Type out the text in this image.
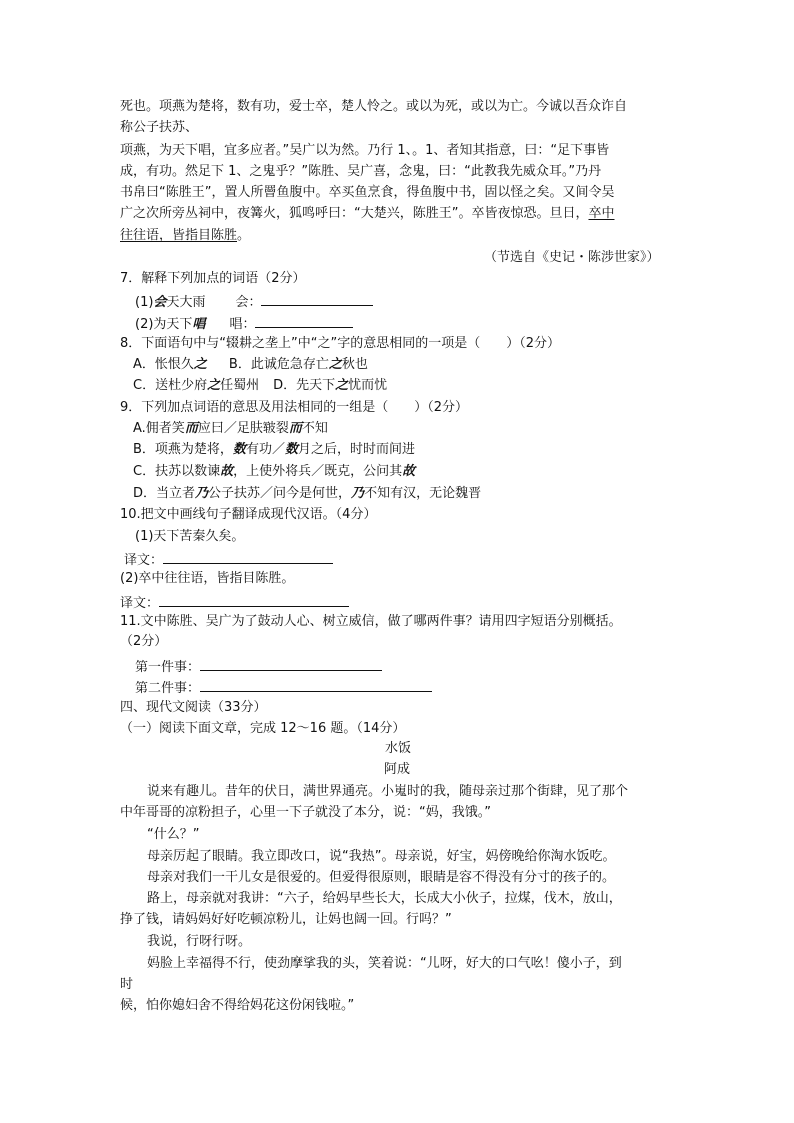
死也。项燕为楚将，数有功，爱士卒，楚人怜之。或以为死，或以为亡。今诚以吾众诈自
称公子扶苏、
项燕，为天下唱，宜多应者。”吴广以为然。乃行 1、。1、者知其指意，曰：“足下事皆
成，有功。然足下 1、之鬼乎？”陈胜、吴广喜，念鬼，曰：“此教我先威众耳。”乃丹
书帛曰“陈胜王”，置人所罾鱼腹中。卒买鱼烹食，得鱼腹中书，固以怪之矣。又间令吴
广之次所旁丛祠中，夜篝火，狐鸣呼曰：“大楚兴，陈胜王”。卒皆夜惊恐。旦日，卒中
往往语，皆指目陈胜。
（节选自《史记・陈涉世家》）
7．解释下列加点的词语（2分）
(1)会天大雨 会：
(2)为天下唱 唱：
8．下面语句中与“辍耕之垄上”中“之”字的意思相同的一项是（　　）（2分）
A．怅恨久之 B．此诚危急存亡之秋也
C．送杜少府之任蜀州 D．先天下之忧而忧
9．下列加点词语的意思及用法相同的一组是（　　）（2分）
A.佣者笑而应曰／足肤皲裂而不知
B．项燕为楚将，数有功／数月之后，时时而间进
C．扶苏以数谏故，上使外将兵／既克，公问其故
D．当立者乃公子扶苏／问今是何世，乃不知有汉，无论魏晋
10.把文中画线句子翻译成现代汉语。（4分）
(1)天下苦秦久矣。
译文：
(2)卒中往往语，皆指目陈胜。
译文：
11.文中陈胜、吴广为了鼓动人心、树立威信，做了哪两件事？请用四字短语分别概括。
（2分）
第一件事：
第二件事：
四、现代文阅读（33分）
（一）阅读下面文章，完成 12～16 题。（14分）
水饭
阿成
说来有趣儿。昔年的伏日，满世界通亮。小嵬时的我，随母亲过那个街肆，见了那个
中年哥哥的凉粉担子，心里一下子就没了本分，说：“妈，我饿。”
“什么？”
母亲厉起了眼睛。我立即改口，说“我热”。母亲说，好宝，妈傍晚给你淘水饭吃。
母亲对我们一干儿女是很爱的。但爱得很原则，眼睛是容不得没有分寸的孩子的。
路上，母亲就对我讲：“六子，给妈早些长大，长成大小伙子，拉煤，伐木，放山，
挣了钱，请妈妈好好吃顿凉粉儿，让妈也阔一回。行吗？”
我说，行呀行呀。
妈脸上幸福得不行，使劲摩挲我的头，笑着说：“儿呀，好大的口气吆！傻小子，到
时
候，怕你媳妇舍不得给妈花这份闲钱啦。”
